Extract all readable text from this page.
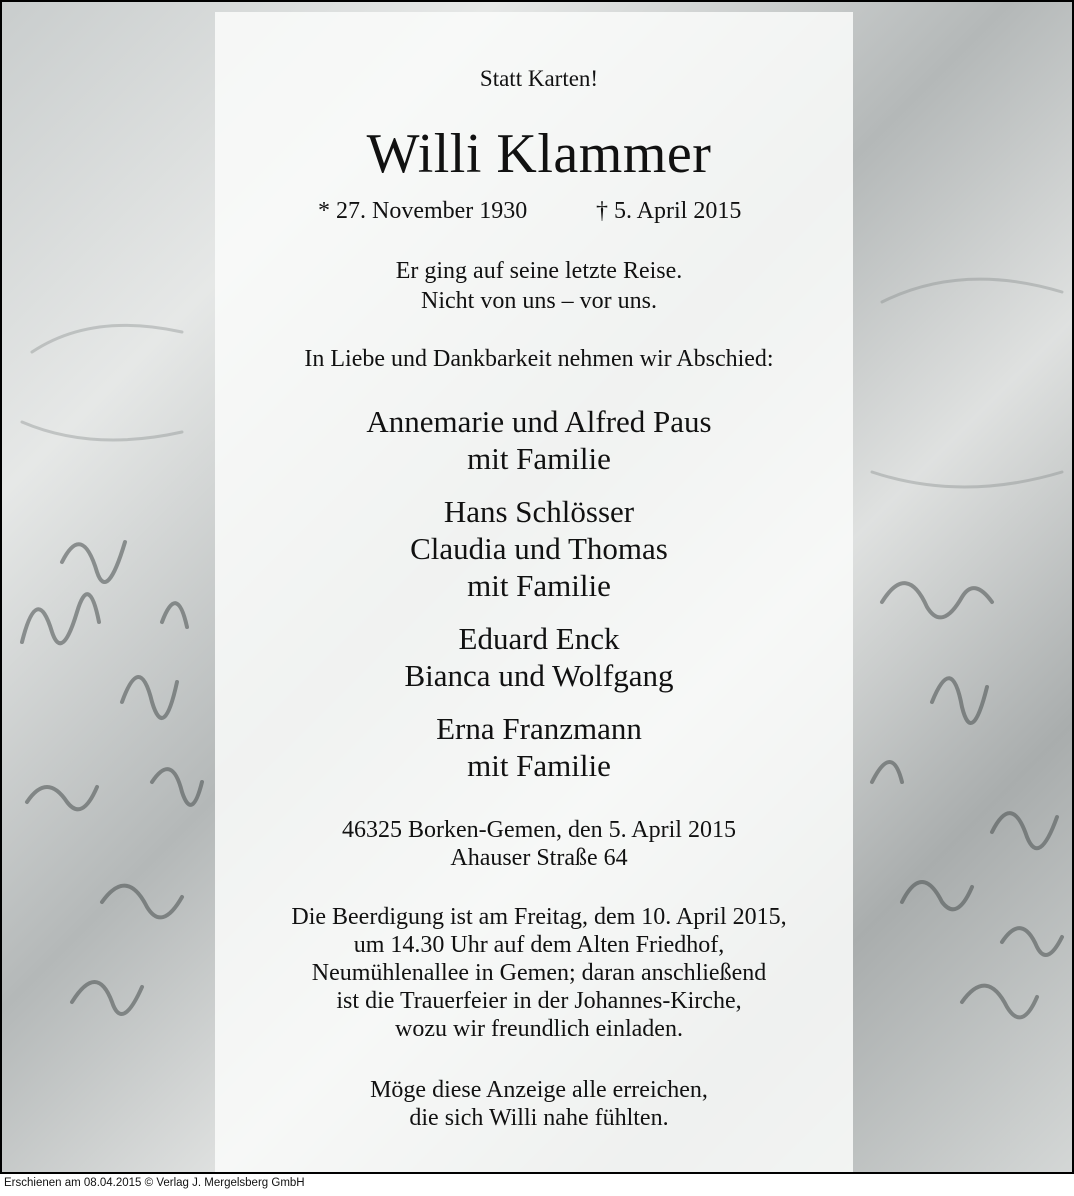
Statt Karten!
Willi Klammer
* 27. November 1930	† 5. April 2015
Er ging auf seine letzte Reise.
Nicht von uns – vor uns.
In Liebe und Dankbarkeit nehmen wir Abschied:
Annemarie und Alfred Paus
mit Familie
Hans Schlösser
Claudia und Thomas
mit Familie
Eduard Enck
Bianca und Wolfgang
Erna Franzmann
mit Familie
46325 Borken-Gemen, den 5. April 2015
Ahauser Straße 64
Die Beerdigung ist am Freitag, dem 10. April 2015,
um 14.30 Uhr auf dem Alten Friedhof,
Neumühlenallee in Gemen; daran anschließend
ist die Trauerfeier in der Johannes-Kirche,
wozu wir freundlich einladen.
Möge diese Anzeige alle erreichen,
die sich Willi nahe fühlten.
Erschienen am 08.04.2015 © Verlag J. Mergelsberg GmbH
